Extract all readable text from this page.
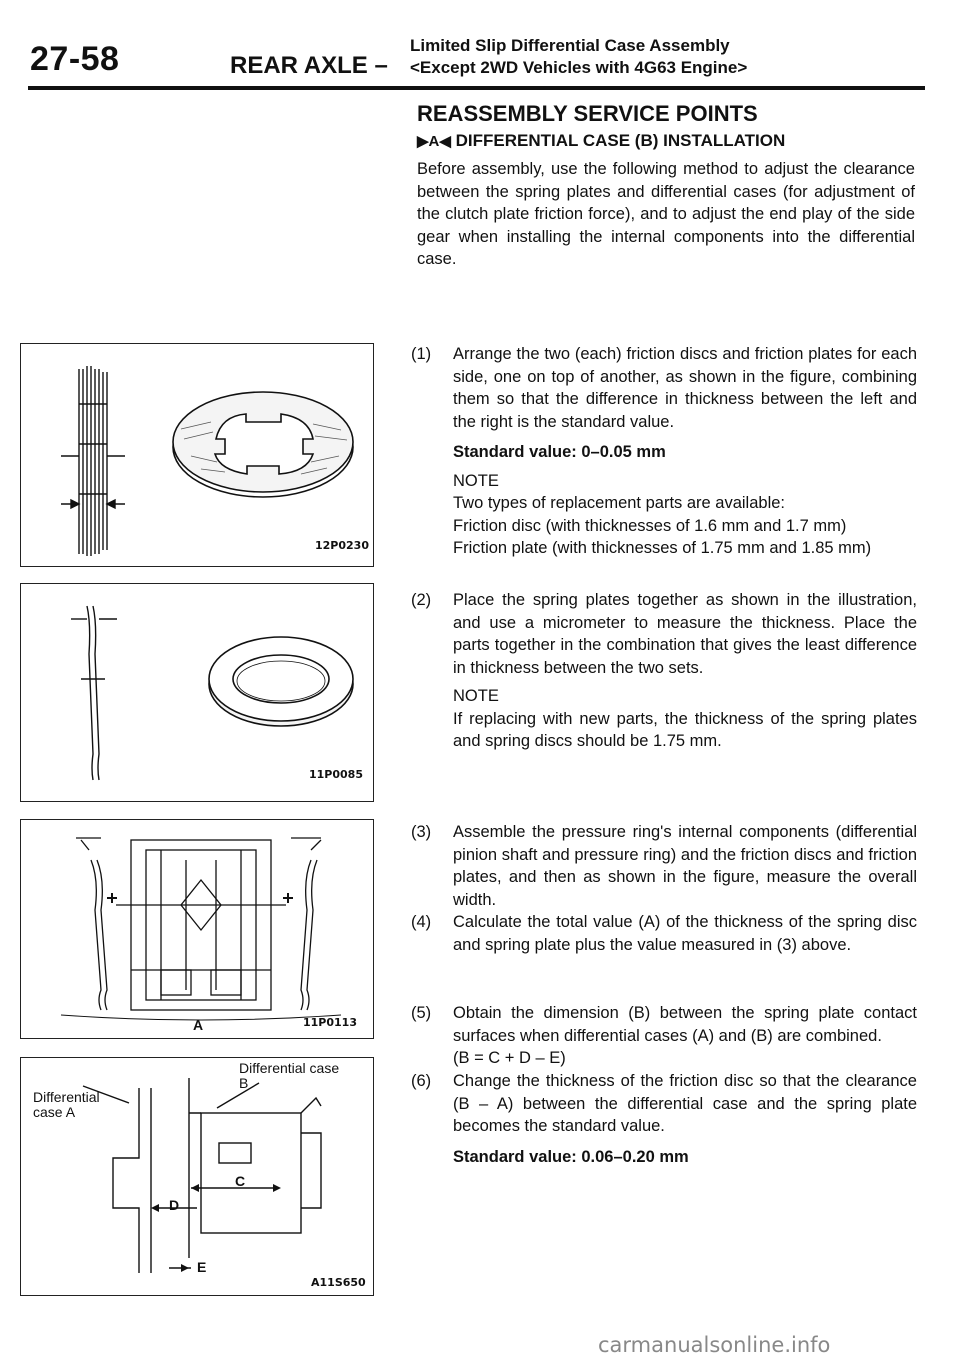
27-58	REAR AXLE –
Limited Slip Differential Case Assembly
<Except 2WD Vehicles with 4G63 Engine>
REASSEMBLY SERVICE POINTS
▶A◀ DIFFERENTIAL CASE (B) INSTALLATION
Before assembly, use the following method to adjust the clearance between the spring plates and differential cases (for adjustment of the clutch plate friction force), and to adjust the end play of the side gear when installing the internal components into the differential case.
(1) Arrange the two (each) friction discs and friction plates for each side, one on top of another, as shown in the figure, combining them so that the difference in thickness between the left and the right is the standard value.
Standard value: 0–0.05 mm
NOTE
Two types of replacement parts are available:
Friction disc (with thicknesses of 1.6 mm and 1.7 mm)
Friction plate (with thicknesses of 1.75 mm and 1.85 mm)
(2) Place the spring plates together as shown in the illustration, and use a micrometer to measure the thickness. Place the parts together in the combination that gives the least difference in thickness between the two sets.
NOTE
If replacing with new parts, the thickness of the spring plates and spring discs should be 1.75 mm.
(3) Assemble the pressure ring's internal components (differential pinion shaft and pressure ring) and the friction discs and friction plates, and then as shown in the figure, measure the overall width.
(4) Calculate the total value (A) of the thickness of the spring disc and spring plate plus the value measured in (3) above.
(5) Obtain the dimension (B) between the spring plate contact surfaces when differential cases (A) and (B) are combined.
(B = C + D – E)
(6) Change the thickness of the friction disc so that the clearance (B – A) between the differential case and the spring plate becomes the standard value.
Standard value: 0.06–0.20 mm
12P0230
11P0085
A	11P0113
Differential case A
Differential case
B
C
D
E
A11S650
carmanualsonline.info
